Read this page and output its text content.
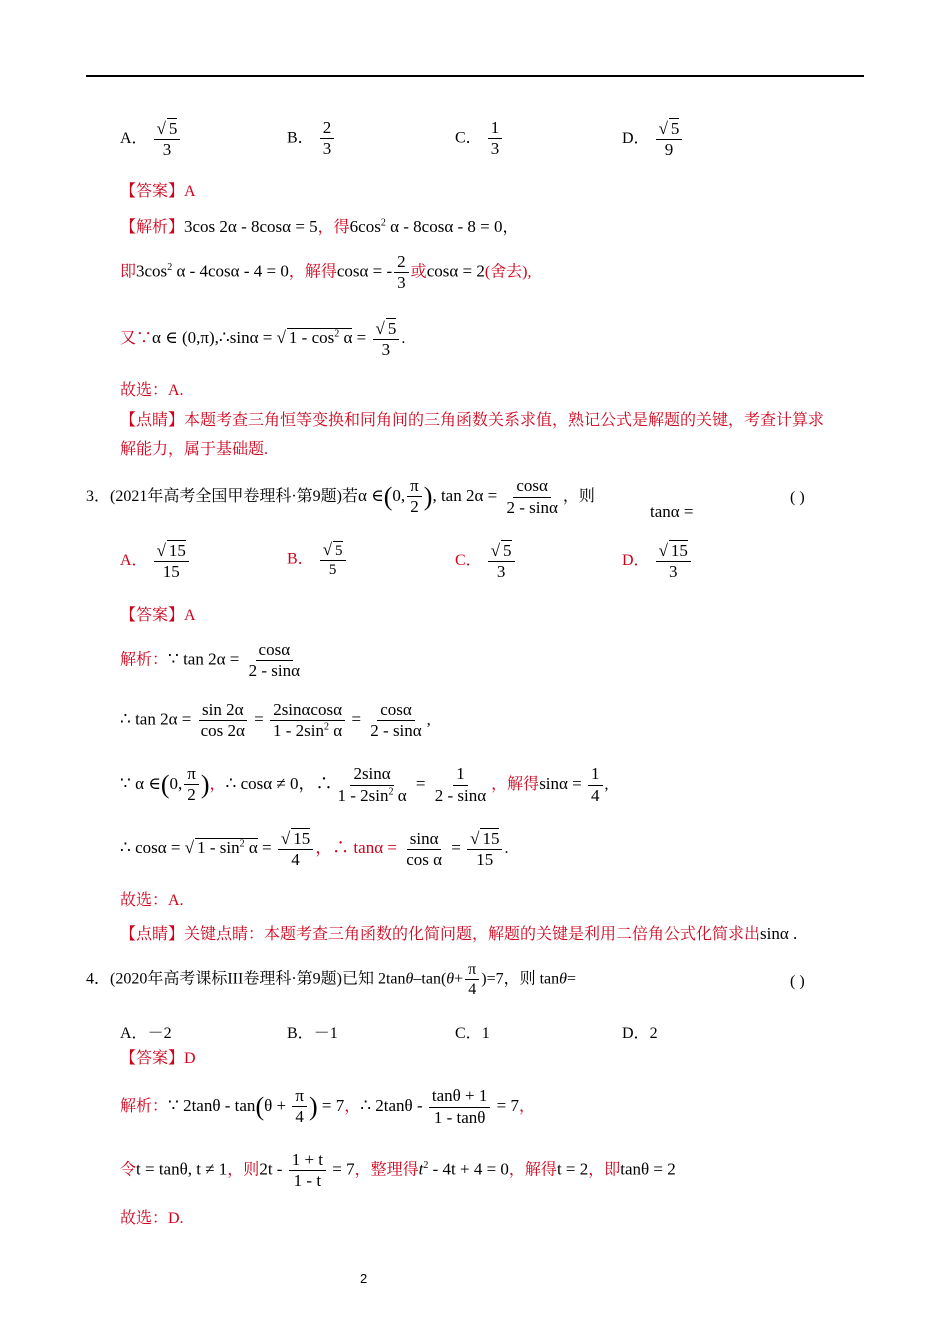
A． $\frac{√ 5}{3}$	B． $\frac{2}{3}$	C． $\frac{1}{3}$	D． $\frac{√ 5}{9}$
【答案】A
【解析】3cos 2α - 8cosα = 5，得$6\cos^2$ α - 8cosα - 8 = 0，
即$3\cos^2$ α - 4cosα - 4 = 0，解得cosα = - $\frac{2}{3}$ 或cosα = 2(舍去),
又∵α ∈ (0,π),∴sinα = √ $1 - \cos^2 \alpha = \frac{√ 5}{3}$ .
故选：A.
【点睛】本题考查三角恒等变换和同角间的三角函数关系求值，熟记公式是解题的关键，考查计算求
解能力，属于基础题.
3．(2021年高考全国甲卷理科·第9题)若α ∈(0, $\frac{\pi}{2}$ ), $\tan 2\alpha = \frac{\cos\alpha}{2 - \sin\alpha}$ ，则
tanα =
( )
A． $\frac{√ 15}{15}$	B． $\frac{√ 5}{5}$	C． $\frac{√ 5}{3}$	D． $\frac{√ 15}{3}$
【答案】A
解析：∵ $\tan 2\alpha = \frac{\cos\alpha}{2 - \sin\alpha}$
∴ $\tan 2\alpha = \frac{\sin 2\alpha}{\cos 2\alpha} = \frac{2\sin\alpha\cos\alpha}{1 - 2\sin^2 \alpha} = \frac{\cos\alpha}{2 - \sin\alpha}$ ,
∵ α ∈(0, $\frac{\pi}{2}$ )，∴ cosα ≠ 0，∴ $\frac{2\sin\alpha}{1 - 2\sin^2 \alpha} = \frac{1}{2 - \sin\alpha}$ ，解得$\sin\alpha = \frac{1}{4}$ ,
∴ cosα = √ $1 - \sin^2 \alpha = \frac{√ 15}{4}$ ，∴ $\tan\alpha = \frac{\sin\alpha}{\text{cos α}} = \frac{√ 15}{15}$ .
故选：A.
【点睛】关键点睛：本题考查三角函数的化简问题，解题的关键是利用二倍角公式化简求出sinα .
4．(2020年高考课标III卷理科·第9题)已知 $2\tan\theta-\tan(\theta+ \frac{\pi}{4} )=7$，则 tanθ=	( )
A．－2	B．－1	C．1	D．2
【答案】D
解析：∵ $2\tan\theta - \tan(\theta + \frac{\pi}{4}$ ) = 7，∴ $2\tan\theta - \frac{\tan\theta + 1}{1 - \tan\theta} = 7$，
令t = tanθ, t ≠ 1，则$2t - \frac{1 + t}{1 - t} = 7$，整理得$t^2 - 4t + 4 = 0$，解得t = 2，即tanθ = 2
故选：D.
2
